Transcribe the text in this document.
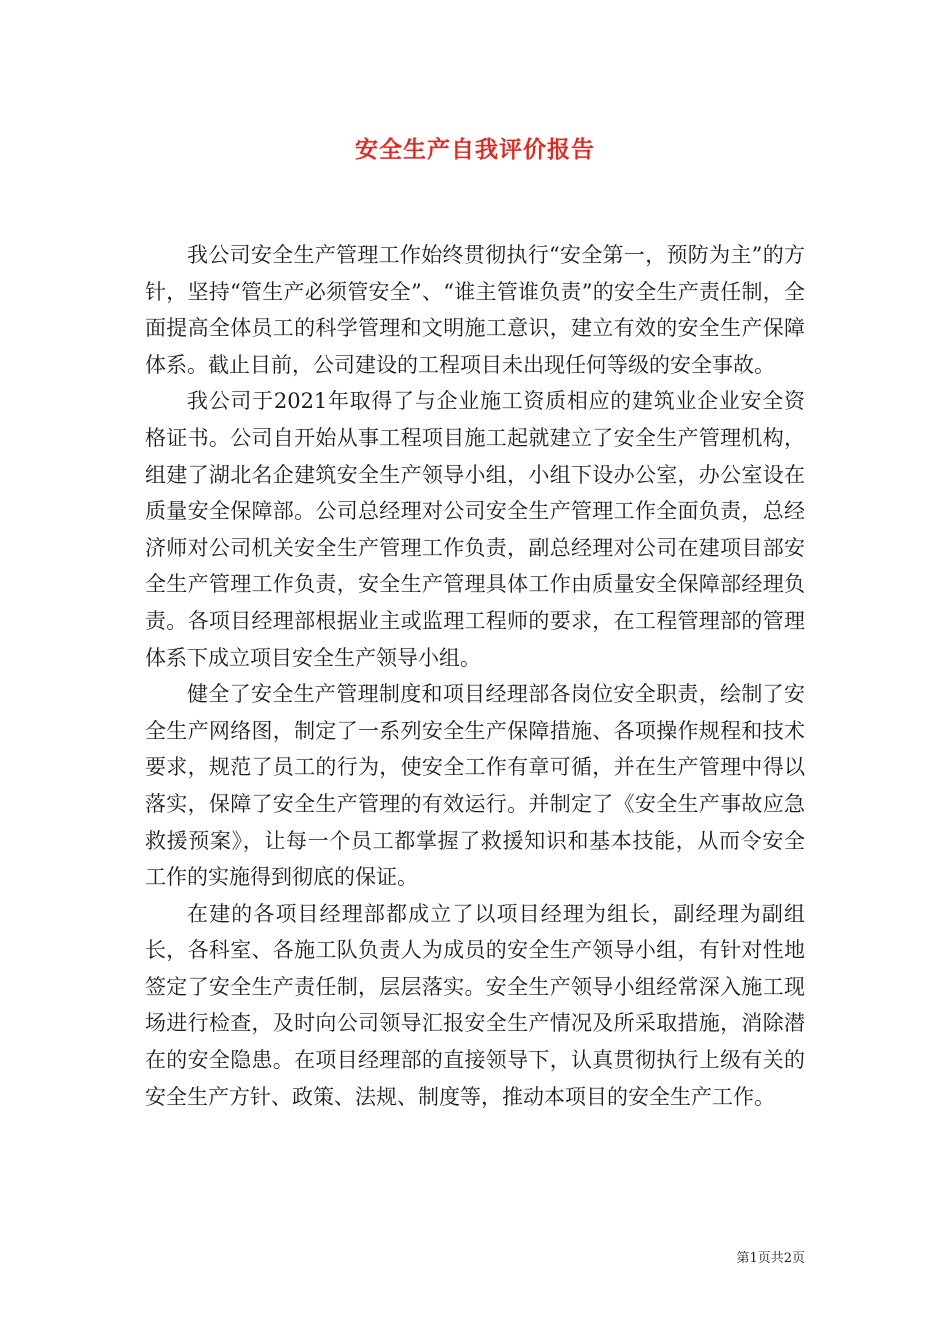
安全生产自我评价报告

我公司安全生产管理工作始终贯彻执行“安全第一，预防为主”的方针，坚持“管生产必须管安全”、“谁主管谁负责”的安全生产责任制，全面提高全体员工的科学管理和文明施工意识，建立有效的安全生产保障体系。截止目前，公司建设的工程项目未出现任何等级的安全事故。

我公司于2021年取得了与企业施工资质相应的建筑业企业安全资格证书。公司自开始从事工程项目施工起就建立了安全生产管理机构，组建了湖北名企建筑安全生产领导小组，小组下设办公室，办公室设在质量安全保障部。公司总经理对公司安全生产管理工作全面负责，总经济师对公司机关安全生产管理工作负责，副总经理对公司在建项目部安全生产管理工作负责，安全生产管理具体工作由质量安全保障部经理负责。各项目经理部根据业主或监理工程师的要求，在工程管理部的管理体系下成立项目安全生产领导小组。

健全了安全生产管理制度和项目经理部各岗位安全职责，绘制了安全生产网络图，制定了一系列安全生产保障措施、各项操作规程和技术要求，规范了员工的行为，使安全工作有章可循，并在生产管理中得以落实，保障了安全生产管理的有效运行。并制定了《安全生产事故应急救援预案》，让每一个员工都掌握了救援知识和基本技能，从而令安全工作的实施得到彻底的保证。

在建的各项目经理部都成立了以项目经理为组长，副经理为副组长，各科室、各施工队负责人为成员的安全生产领导小组，有针对性地签定了安全生产责任制，层层落实。安全生产领导小组经常深入施工现场进行检查，及时向公司领导汇报安全生产情况及所采取措施，消除潜在的安全隐患。在项目经理部的直接领导下，认真贯彻执行上级有关的安全生产方针、政策、法规、制度等，推动本项目的安全生产工作。

第1页共2页
